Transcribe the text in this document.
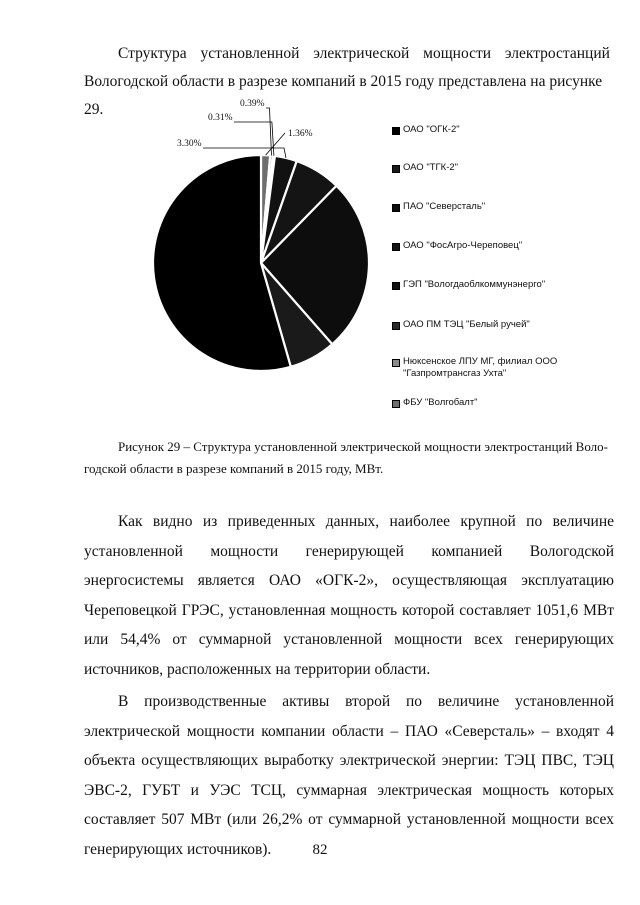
Структура установленной электрической мощности электростанций
Вологодской области в разрезе компаний в 2015 году представлена на рисунке 29.
3.30%
0.31%
0.39%
1.36%	ОАО "ОГК-2"
ОАО "ТГК-2"
ПАО "Северсталь"
ОАО "ФосАгро-Череповец"
ГЭП "Вологдаоблкоммунэнерго"
ОАО ПМ ТЭЦ "Белый ручей"
Нюксенское ЛПУ МГ, филиал ООО
"Газпромтрансгаз Ухта"
ФБУ "Волгобалт"
Рисунок 29 – Структура установленной электрической мощности электростанций Воло-
годской области в разрезе компаний в 2015 году, МВт.

Как видно из приведенных данных, наиболее крупной по величине установленной мощности генерирующей компанией Вологодской энергосистемы является ОАО «ОГК-2», осуществляющая эксплуатацию Череповецкой ГРЭС, установленная мощность которой составляет 1051,6 МВт или 54,4% от суммарной установленной мощности всех генерирующих источников, расположенных на территории области.

В производственные активы второй по величине установленной электрической мощности компании области – ПАО «Северсталь» – входят 4 объекта осуществляющих выработку электрической энергии: ТЭЦ ПВС, ТЭЦ ЭВС-2, ГУБТ и УЭС ТСЦ, суммарная электрическая мощность которых составляет 507 МВт (или 26,2% от суммарной установленной мощности всех генерирующих источников).	82
